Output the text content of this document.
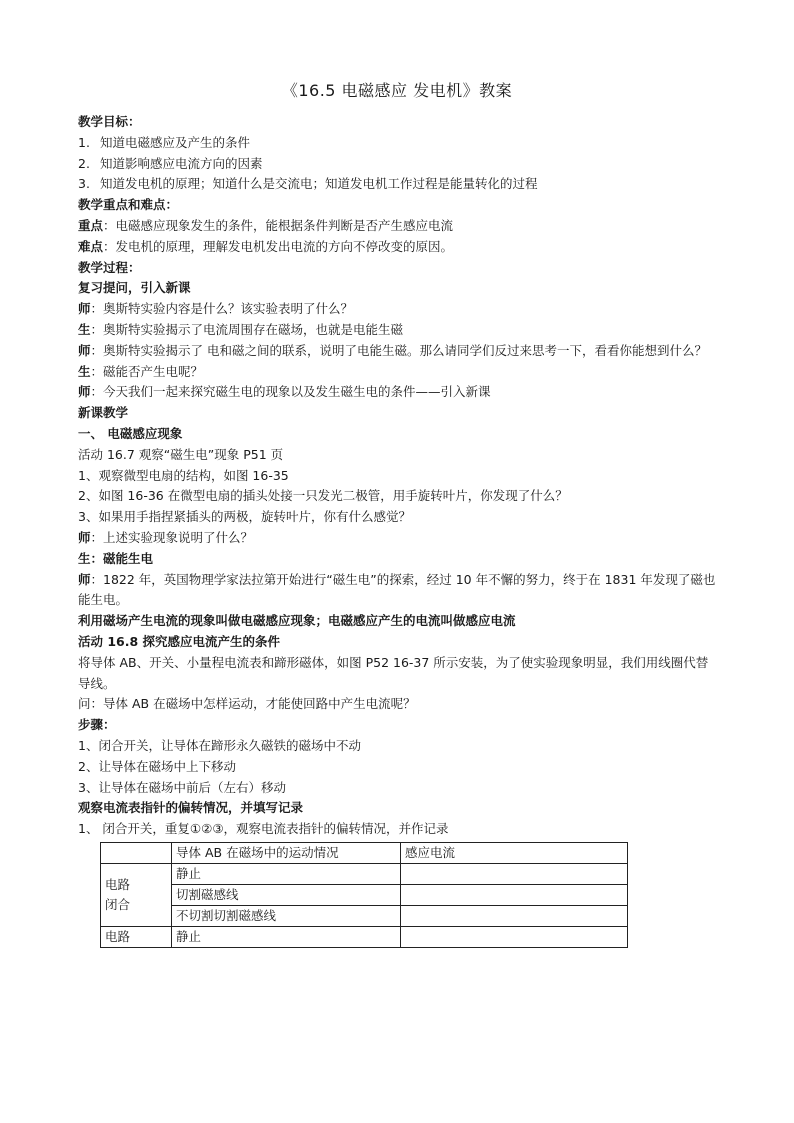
《16.5 电磁感应 发电机》教案
教学目标：
1. 知道电磁感应及产生的条件
2. 知道影响感应电流方向的因素
3. 知道发电机的原理；知道什么是交流电；知道发电机工作过程是能量转化的过程
教学重点和难点：
重点：电磁感应现象发生的条件，能根据条件判断是否产生感应电流
难点：发电机的原理，理解发电机发出电流的方向不停改变的原因。
教学过程：
复习提问，引入新课
师：奥斯特实验内容是什么？该实验表明了什么？
生：奥斯特实验揭示了电流周围存在磁场，也就是电能生磁
师：奥斯特实验揭示了 电和磁之间的联系，说明了电能生磁。那么请同学们反过来思考一下，看看你能想到什么？
生：磁能否产生电呢？
师：今天我们一起来探究磁生电的现象以及发生磁生电的条件——引入新课
新课教学
一、 电磁感应现象
活动 16.7 观察“磁生电”现象 P51 页
1、观察微型电扇的结构，如图 16-35
2、如图 16-36 在微型电扇的插头处接一只发光二极管，用手旋转叶片，你发现了什么？
3、如果用手指捏紧插头的两极，旋转叶片，你有什么感觉？
师：上述实验现象说明了什么？
生：磁能生电
师：1822 年，英国物理学家法拉第开始进行“磁生电”的探索，经过 10 年不懈的努力，终于在 1831 年发现了磁也能生电。
利用磁场产生电流的现象叫做电磁感应现象；电磁感应产生的电流叫做感应电流
活动 16.8 探究感应电流产生的条件
将导体 AB、开关、小量程电流表和蹄形磁体，如图 P52 16-37 所示安装，为了使实验现象明显，我们用线圈代替导线。
问：导体 AB 在磁场中怎样运动，才能使回路中产生电流呢？
步骤：
1、闭合开关，让导体在蹄形永久磁铁的磁场中不动
2、让导体在磁场中上下移动
3、让导体在磁场中前后（左右）移动
观察电流表指针的偏转情况，并填写记录
1、 闭合开关，重复①②③，观察电流表指针的偏转情况，并作记录
	导体 AB 在磁场中的运动情况	感应电流

电路
闭合	静止	
	切割磁感线	
	不切割切割磁感线	
电路	静止	
